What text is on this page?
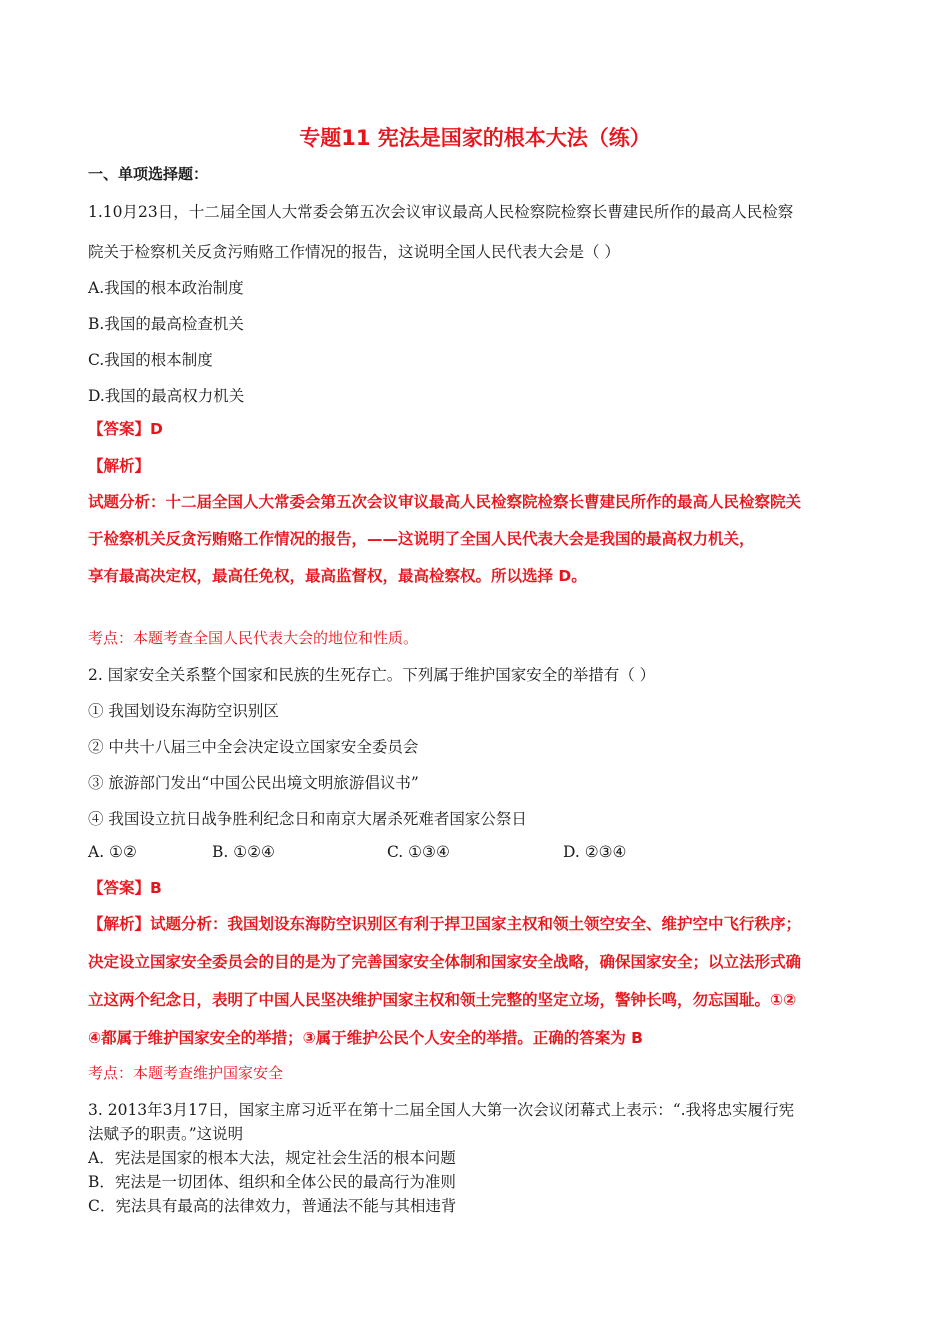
专题11 宪法是国家的根本大法（练）
一、单项选择题：
1.10月23日，十二届全国人大常委会第五次会议审议最高人民检察院检察长曹建民所作的最高人民检察
院关于检察机关反贪污贿赂工作情况的报告，这说明全国人民代表大会是（ ）
A.我国的根本政治制度
B.我国的最高检查机关
C.我国的根本制度
D.我国的最高权力机关
【答案】D
【解析】
试题分析：十二届全国人大常委会第五次会议审议最高人民检察院检察长曹建民所作的最高人民检察院关
于检察机关反贪污贿赂工作情况的报告，——这说明了全国人民代表大会是我国的最高权力机关，
享有最高决定权，最高任免权，最高监督权，最高检察权。所以选择 D。
考点：本题考查全国人民代表大会的地位和性质。
2. 国家安全关系整个国家和民族的生死存亡。下列属于维护国家安全的举措有（ ）
① 我国划设东海防空识别区
② 中共十八届三中全会决定设立国家安全委员会
③ 旅游部门发出“中国公民出境文明旅游倡议书”
④ 我国设立抗日战争胜利纪念日和南京大屠杀死难者国家公祭日
A. ①②	B. ①②④	C. ①③④	D. ②③④
【答案】B
【解析】试题分析：我国划设东海防空识别区有利于捍卫国家主权和领土领空安全、维护空中飞行秩序；
决定设立国家安全委员会的目的是为了完善国家安全体制和国家安全战略，确保国家安全；以立法形式确
立这两个纪念日，表明了中国人民坚决维护国家主权和领土完整的坚定立场，警钟长鸣，勿忘国耻。①②
④都属于维护国家安全的举措；③属于维护公民个人安全的举措。正确的答案为 B
考点：本题考查维护国家安全
3. 2013年3月17日，国家主席习近平在第十二届全国人大第一次会议闭幕式上表示：“.我将忠实履行宪
法赋予的职责。”这说明
A．宪法是国家的根本大法，规定社会生活的根本问题
B．宪法是一切团体、组织和全体公民的最高行为准则
C．宪法具有最高的法律效力，普通法不能与其相违背
